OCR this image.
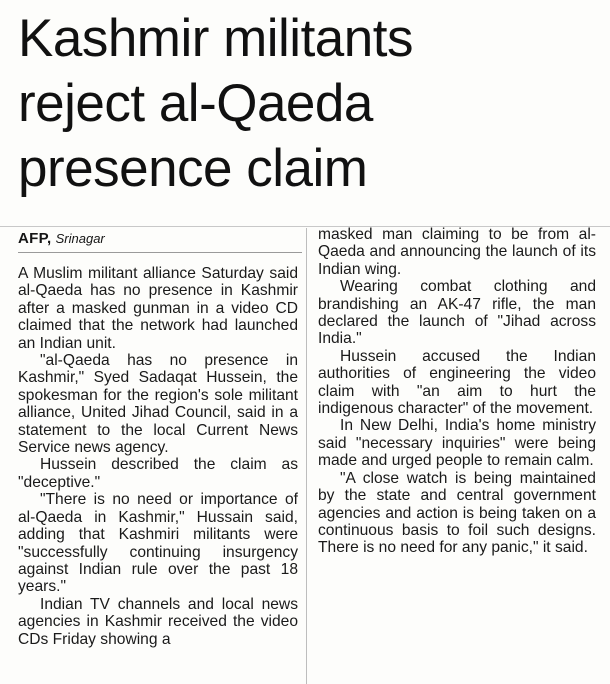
Kashmir militants
reject al-Qaeda
presence claim
AFP, Srinagar

A Muslim militant alliance Saturday said al-Qaeda has no presence in Kashmir after a masked gunman in a video CD claimed that the network had launched an Indian unit.

"al-Qaeda has no presence in Kashmir," Syed Sadaqat Hussein, the spokesman for the region's sole militant alliance, United Jihad Council, said in a statement to the local Current News Service news agency.

Hussein described the claim as "deceptive."

"There is no need or importance of al-Qaeda in Kashmir," Hussain said, adding that Kashmiri militants were "successfully continuing insurgency against Indian rule over the past 18 years."

Indian TV channels and local news agencies in Kashmir received the video CDs Friday showing a

masked man claiming to be from al-Qaeda and announcing the launch of its Indian wing.

Wearing combat clothing and brandishing an AK-47 rifle, the man declared the launch of "Jihad across India."

Hussein accused the Indian authorities of engineering the video claim with "an aim to hurt the indigenous character" of the movement.

In New Delhi, India's home ministry said "necessary inquiries" were being made and urged people to remain calm.

"A close watch is being maintained by the state and central government agencies and action is being taken on a continuous basis to foil such designs. There is no need for any panic," it said.
